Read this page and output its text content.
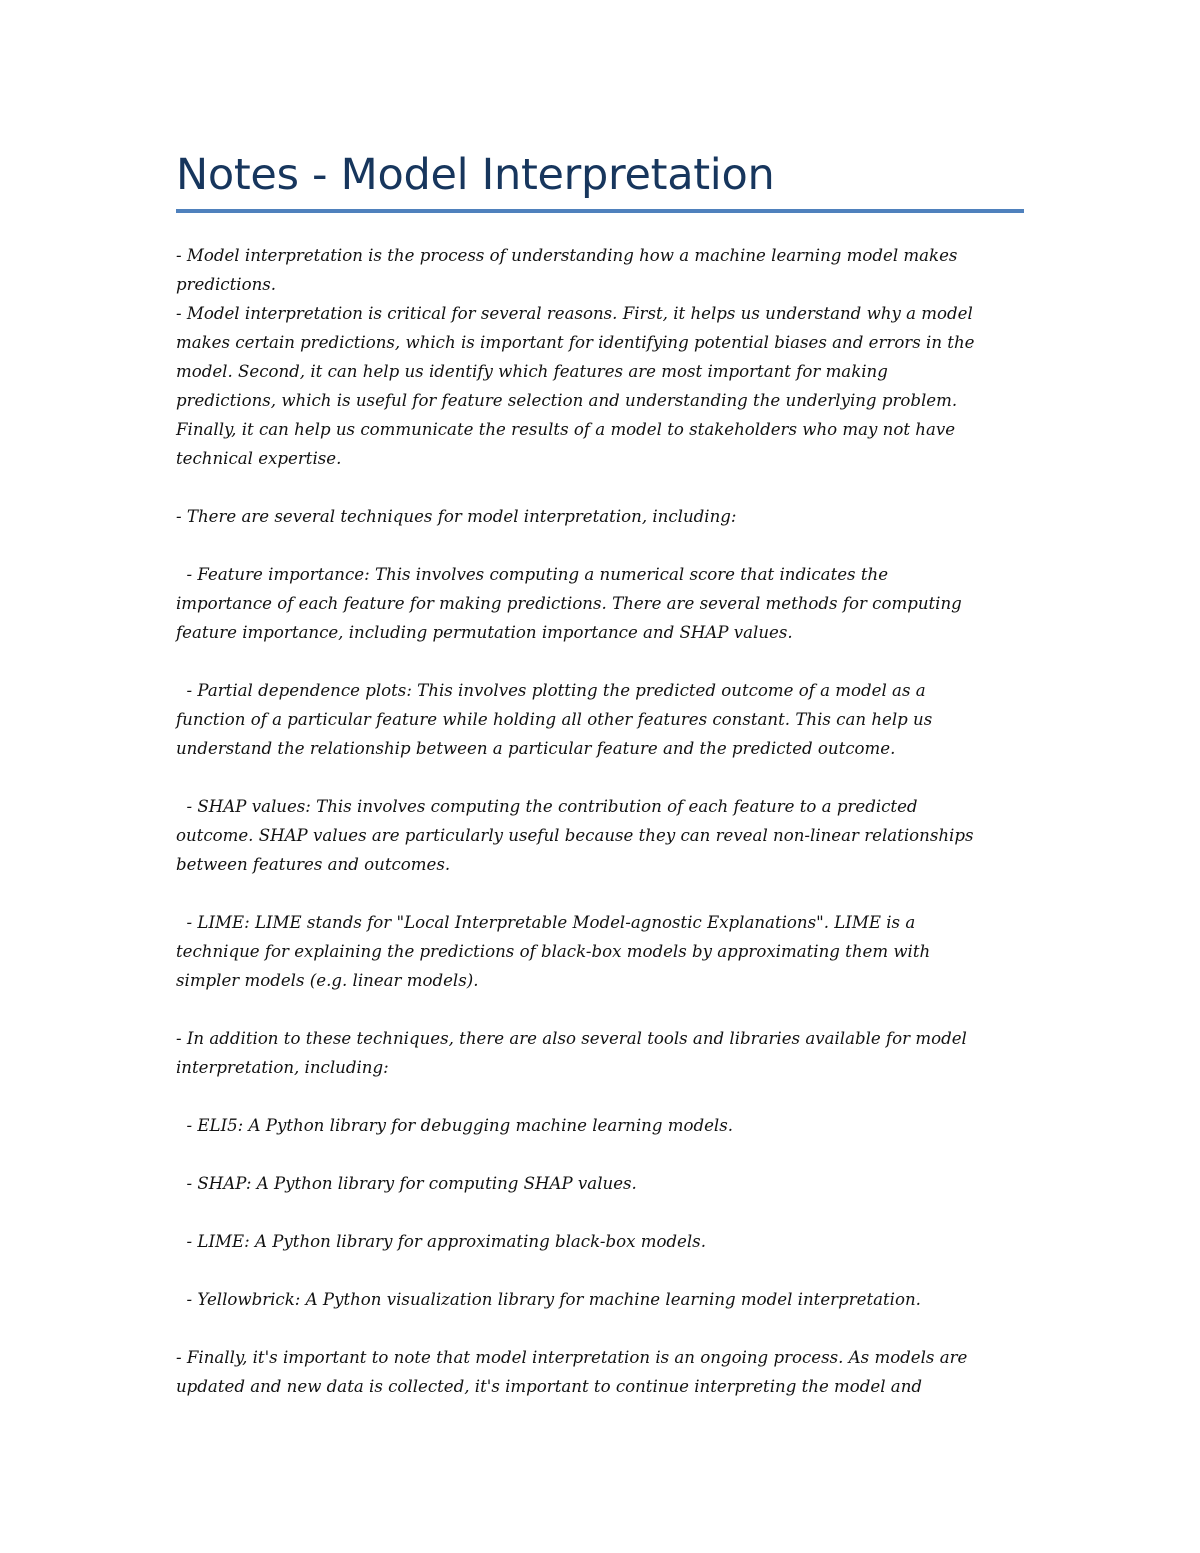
Notes - Model Interpretation
- Model interpretation is the process of understanding how a machine learning model makes
predictions.
- Model interpretation is critical for several reasons. First, it helps us understand why a model
makes certain predictions, which is important for identifying potential biases and errors in the
model. Second, it can help us identify which features are most important for making
predictions, which is useful for feature selection and understanding the underlying problem.
Finally, it can help us communicate the results of a model to stakeholders who may not have
technical expertise.
- There are several techniques for model interpretation, including:
- Feature importance: This involves computing a numerical score that indicates the
importance of each feature for making predictions. There are several methods for computing
feature importance, including permutation importance and SHAP values.
- Partial dependence plots: This involves plotting the predicted outcome of a model as a
function of a particular feature while holding all other features constant. This can help us
understand the relationship between a particular feature and the predicted outcome.
- SHAP values: This involves computing the contribution of each feature to a predicted
outcome. SHAP values are particularly useful because they can reveal non-linear relationships
between features and outcomes.
- LIME: LIME stands for "Local Interpretable Model-agnostic Explanations". LIME is a
technique for explaining the predictions of black-box models by approximating them with
simpler models (e.g. linear models).
- In addition to these techniques, there are also several tools and libraries available for model
interpretation, including:
- ELI5: A Python library for debugging machine learning models.
- SHAP: A Python library for computing SHAP values.
- LIME: A Python library for approximating black-box models.
- Yellowbrick: A Python visualization library for machine learning model interpretation.
- Finally, it's important to note that model interpretation is an ongoing process. As models are
updated and new data is collected, it's important to continue interpreting the model and
